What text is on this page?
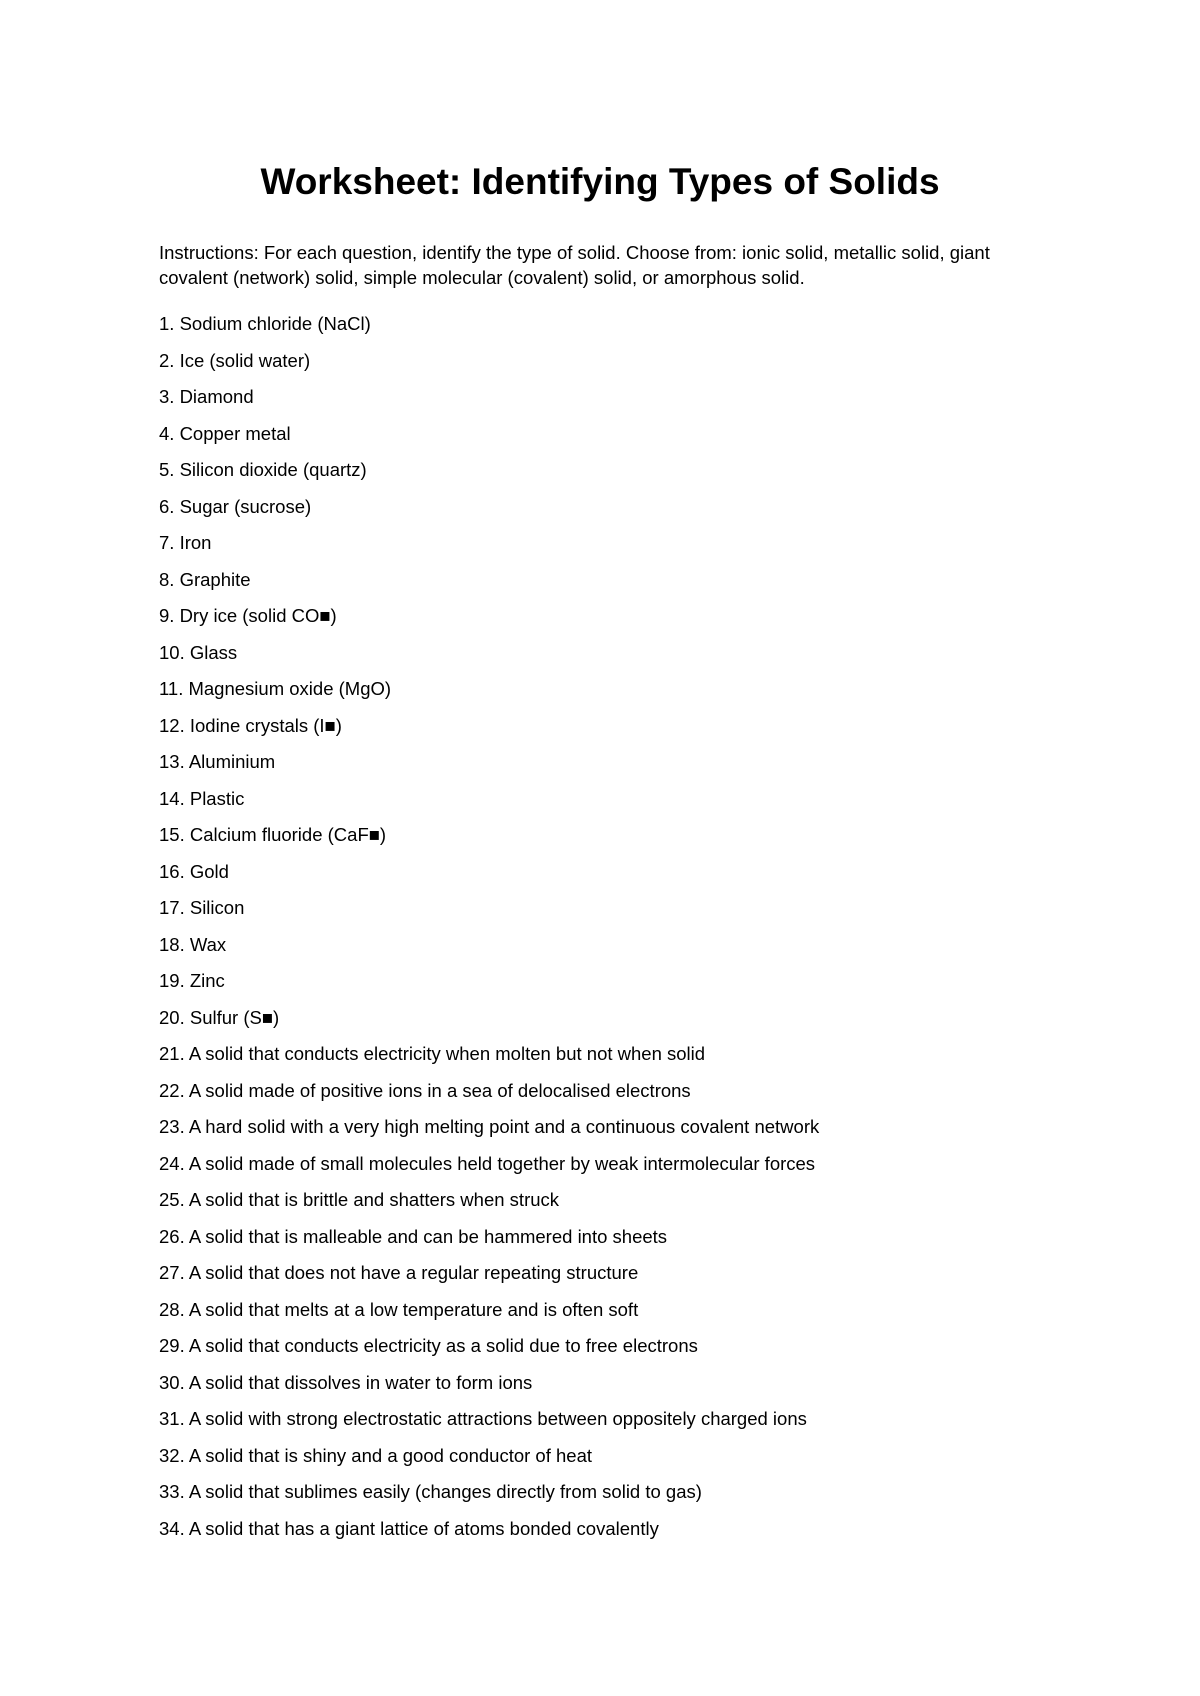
Worksheet: Identifying Types of Solids

Instructions: For each question, identify the type of solid. Choose from: ionic solid, metallic solid, giant covalent (network) solid, simple molecular (covalent) solid, or amorphous solid.

1. Sodium chloride (NaCl)
2. Ice (solid water)
3. Diamond
4. Copper metal
5. Silicon dioxide (quartz)
6. Sugar (sucrose)
7. Iron
8. Graphite
9. Dry ice (solid CO■)
10. Glass
11. Magnesium oxide (MgO)
12. Iodine crystals (I■)
13. Aluminium
14. Plastic
15. Calcium fluoride (CaF■)
16. Gold
17. Silicon
18. Wax
19. Zinc
20. Sulfur (S■)
21. A solid that conducts electricity when molten but not when solid
22. A solid made of positive ions in a sea of delocalised electrons
23. A hard solid with a very high melting point and a continuous covalent network
24. A solid made of small molecules held together by weak intermolecular forces
25. A solid that is brittle and shatters when struck
26. A solid that is malleable and can be hammered into sheets
27. A solid that does not have a regular repeating structure
28. A solid that melts at a low temperature and is often soft
29. A solid that conducts electricity as a solid due to free electrons
30. A solid that dissolves in water to form ions
31. A solid with strong electrostatic attractions between oppositely charged ions
32. A solid that is shiny and a good conductor of heat
33. A solid that sublimes easily (changes directly from solid to gas)
34. A solid that has a giant lattice of atoms bonded covalently
